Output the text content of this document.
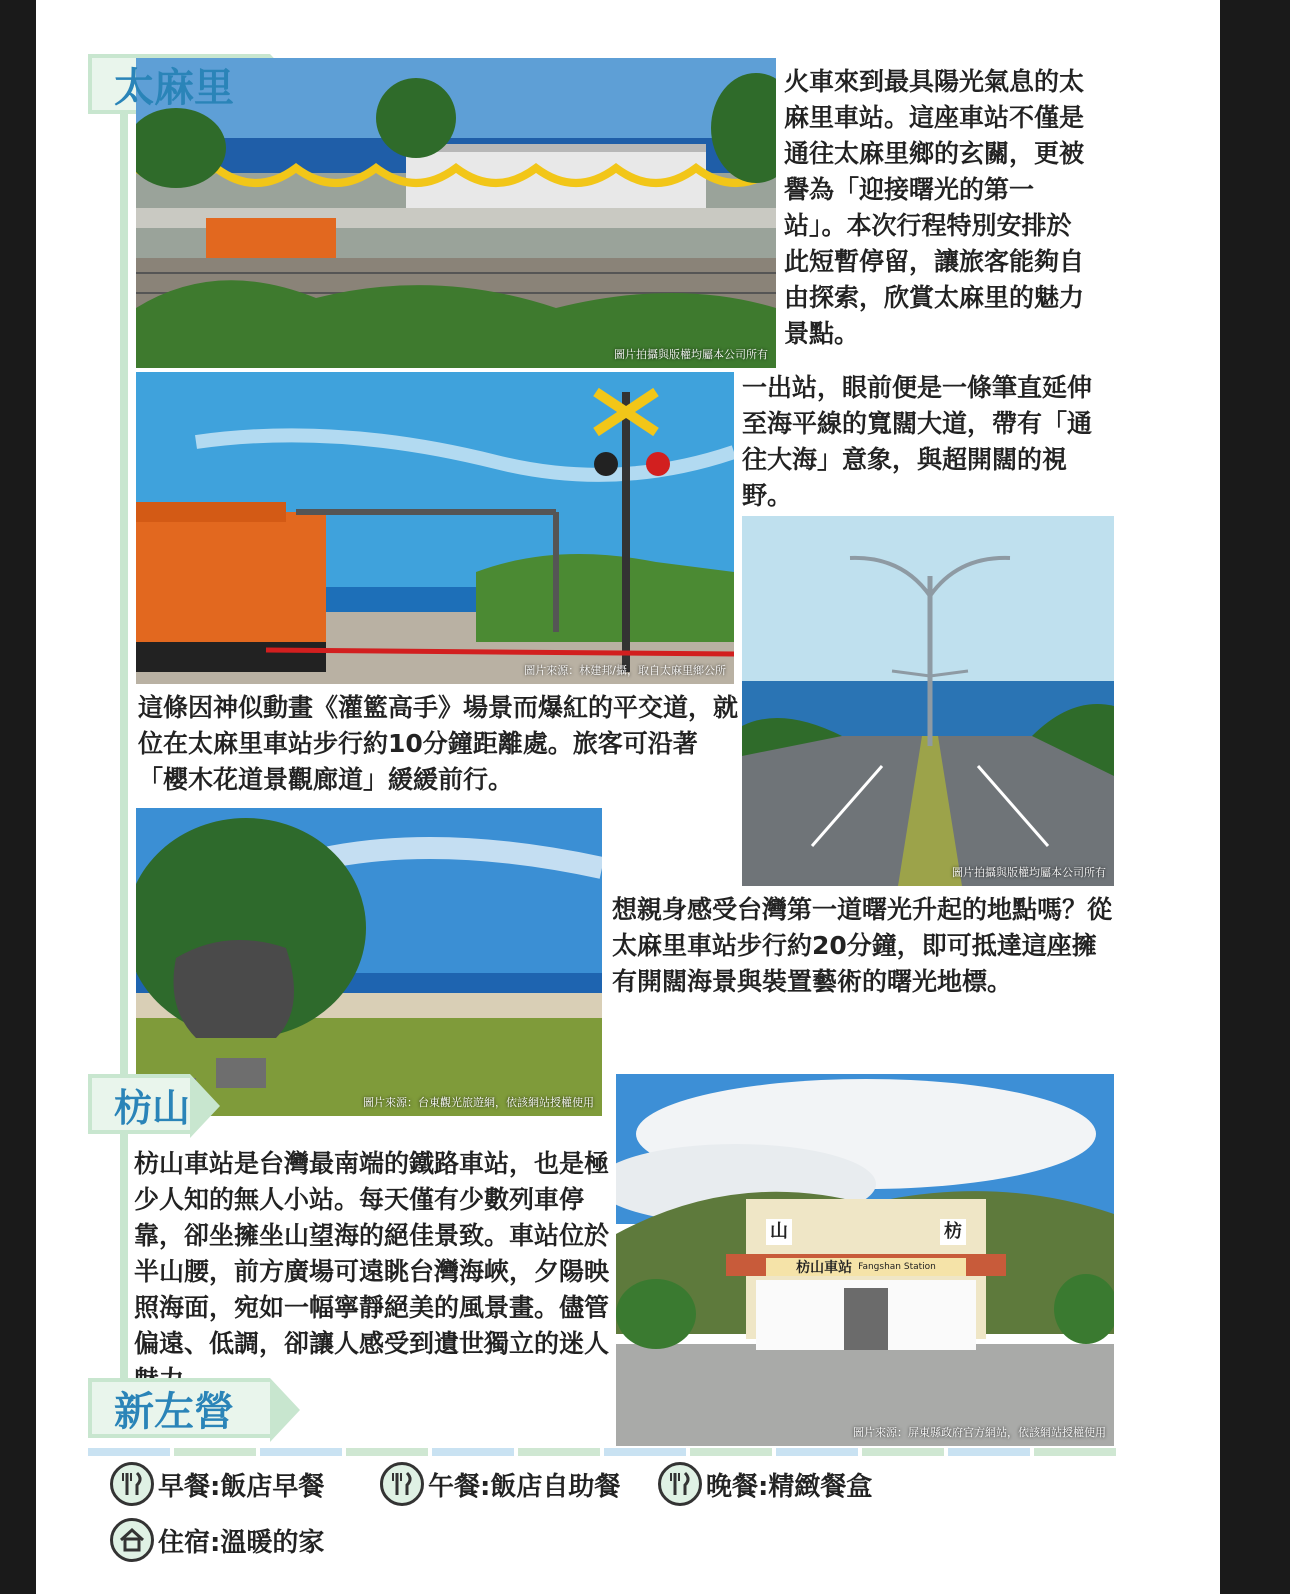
太麻里
圖片拍攝與版權均屬本公司所有
火車來到最具陽光氣息的太麻里車站。這座車站不僅是通往太麻里鄉的玄關，更被譽為「迎接曙光的第一站」。本次行程特別安排於此短暫停留，讓旅客能夠自由探索，欣賞太麻里的魅力景點。
圖片來源：林建邦/攝，取自太麻里鄉公所
一出站，眼前便是一條筆直延伸至海平線的寬闊大道，帶有「通往大海」意象，與超開闊的視野。
圖片拍攝與版權均屬本公司所有
這條因神似動畫《灌籃高手》場景而爆紅的平交道，就位在太麻里車站步行約10分鐘距離處。旅客可沿著「櫻木花道景觀廊道」緩緩前行。
圖片來源：台東觀光旅遊網，依該網站授權使用
想親身感受台灣第一道曙光升起的地點嗎？從太麻里車站步行約20分鐘，即可抵達這座擁有開闊海景與裝置藝術的曙光地標。
枋山
山	枋
枋山車站 Fangshan Station
圖片來源：屏東縣政府官方網站，依該網站授權使用
枋山車站是台灣最南端的鐵路車站，也是極少人知的無人小站。每天僅有少數列車停靠，卻坐擁坐山望海的絕佳景致。車站位於半山腰，前方廣場可遠眺台灣海峽，夕陽映照海面，宛如一幅寧靜絕美的風景畫。儘管偏遠、低調，卻讓人感受到遺世獨立的迷人
新左營
早餐:飯店早餐	午餐:飯店自助餐	晚餐:精緻餐盒
住宿:溫暖的家
